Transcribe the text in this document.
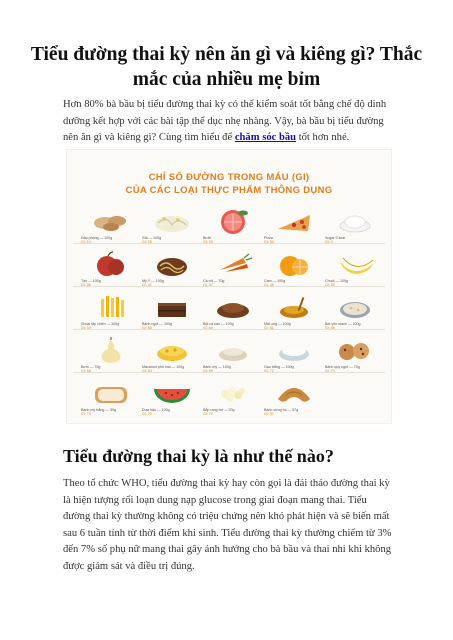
Tiểu đường thai kỳ nên ăn gì và kiêng gì? Thắc mắc của nhiều mẹ bỉm

Hơn 80% bà bầu bị tiểu đường thai kỳ có thể kiểm soát tốt bằng chế độ dinh dưỡng kết hợp với các bài tập thể dục nhẹ nhàng. Vậy, bà bầu bị tiểu đường nên ăn gì và kiêng gì? Cùng tìm hiểu để chăm sóc bầu tốt hơn nhé.

CHỈ SỐ ĐƯỜNG TRONG MÁU (GI)
CỦA CÁC LOẠI THỰC PHẨM THÔNG DỤNG
Đậu phộng — 100g
GI: 14
Giá — 100g
GI: 25
Bưởi
GI: 25
Pizza
GI: 30
Sugar 0 kcal
GI: 0
Táo — 100g
GI: 38
Mỳ Ý — 100g
GI: 42
Cà rốt — 70g
GI: 47
Cam — 100g
GI: 48
Chuối — 100g
GI: 52
Khoai tây chiên — 100g
GI: 54
Bánh ngọt — 100g
GI: 55
Bột ca cao — 100g
GI: 60
Mật ong — 100g
GI: 61
Bột yến mạch — 100g
GI: 66
Bơm — 70g
GI: 68
Macaroni phô mai — 100g
GI: 64
Bánh mỳ — 100g
GI: 69
Gạo trắng — 100g
GI: 72
Bánh quy ngọt — 70g
GI: 70
Bánh mỳ trắng — 30g
GI: 70
Dưa hấu — 120g
GI: 72
Bắp rang bơ — 20g
GI: 72
Bánh sừng bò — 57g
GI: 67
Tiểu đường thai kỳ là như thế nào?

Theo tổ chức WHO, tiểu đường thai kỳ hay còn gọi là đái tháo đường thai kỳ là hiện tượng rối loạn dung nạp glucose trong giai đoạn mang thai. Tiểu đường thai kỳ thường không có triệu chứng nên khó phát hiện và sẽ biến mất sau 6 tuần tính từ thời điểm khi sinh. Tiểu đường thai kỳ thường chiếm từ 3% đến 7% số phụ nữ mang thai gây ảnh hưởng cho bà bầu và thai nhi khi không được giám sát và điều trị đúng.
